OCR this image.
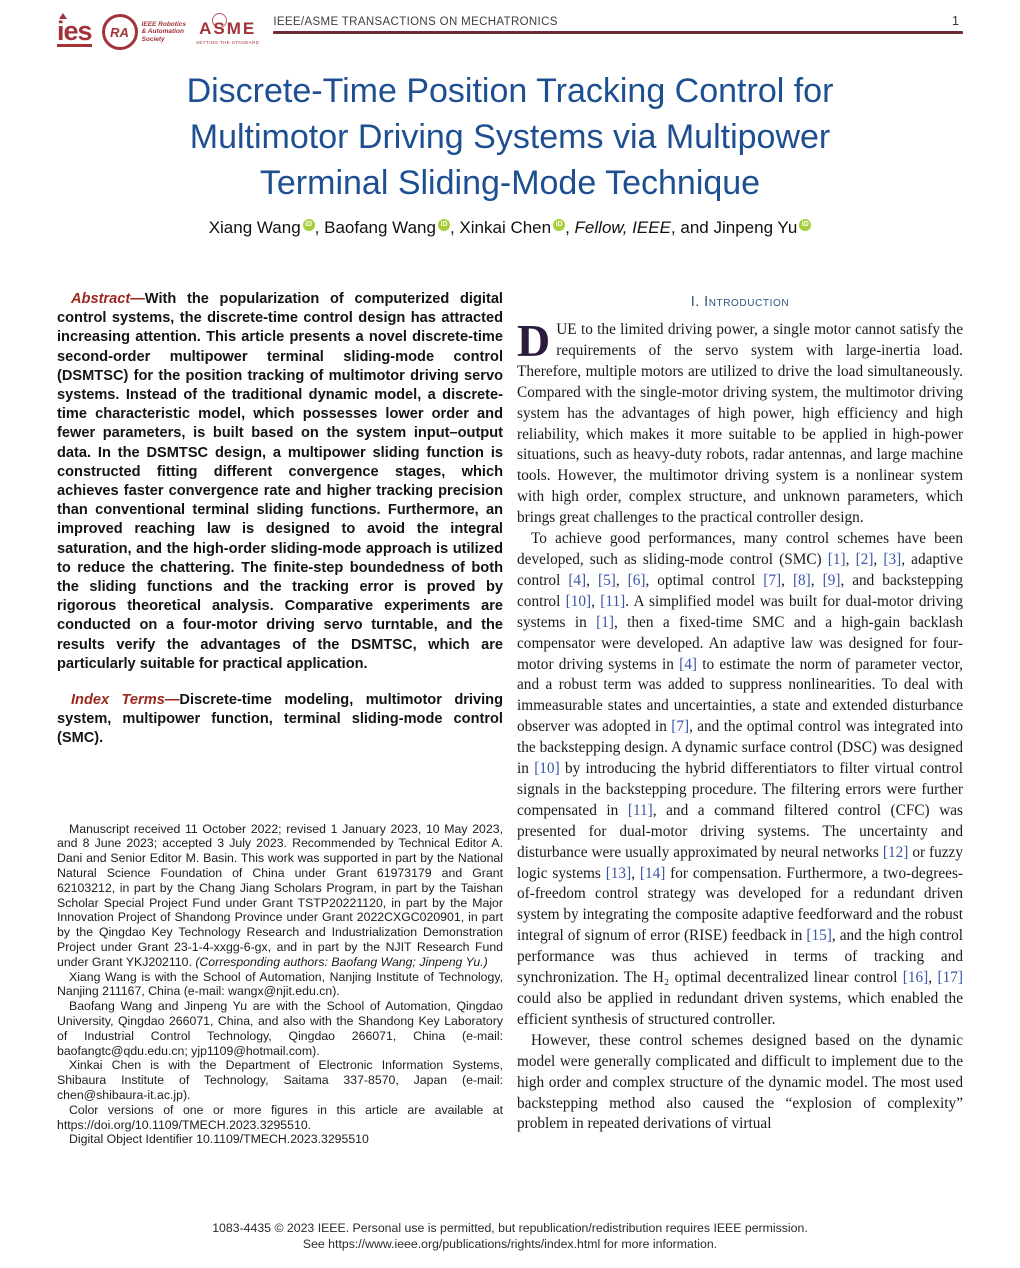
ies	RA
IEEE Robotics
& Automation
Society
ASME
SETTING THE STANDARD
IEEE/ASME TRANSACTIONS ON MECHATRONICS	1
Discrete-Time Position Tracking Control for
Multimotor Driving Systems via Multipower
Terminal Sliding-Mode Technique
Xiang Wang iD , Baofang Wang iD , Xinkai Chen iD , Fellow, IEEE, and Jinpeng Yu iD

Abstract—With the popularization of computerized digital control systems, the discrete-time control design has attracted increasing attention. This article presents a novel discrete-time second-order multipower terminal sliding-mode control (DSMTSC) for the position tracking of multimotor driving servo systems. Instead of the traditional dynamic model, a discrete-time characteristic model, which possesses lower order and fewer parameters, is built based on the system input–output data. In the DSMTSC design, a multipower sliding function is constructed fitting different convergence stages, which achieves faster convergence rate and higher tracking precision than conventional terminal sliding functions. Furthermore, an improved reaching law is designed to avoid the integral saturation, and the high-order sliding-mode approach is utilized to reduce the chattering. The finite-step boundedness of both the sliding functions and the tracking error is proved by rigorous theoretical analysis. Comparative experiments are conducted on a four-motor driving servo turntable, and the results verify the advantages of the DSMTSC, which are particularly suitable for practical application.

Index Terms—Discrete-time modeling, multimotor driving system, multipower function, terminal sliding-mode control (SMC).

Manuscript received 11 October 2022; revised 1 January 2023, 10 May 2023, and 8 June 2023; accepted 3 July 2023. Recommended by Technical Editor A. Dani and Senior Editor M. Basin. This work was supported in part by the National Natural Science Foundation of China under Grant 61973179 and Grant 62103212, in part by the Chang Jiang Scholars Program, in part by the Taishan Scholar Special Project Fund under Grant TSTP20221120, in part by the Major Innovation Project of Shandong Province under Grant 2022CXGC020901, in part by the Qingdao Key Technology Research and Industrialization Demonstration Project under Grant 23-1-4-xxgg-6-gx, and in part by the NJIT Research Fund under Grant YKJ202110. (Corresponding authors: Baofang Wang; Jinpeng Yu.)

Xiang Wang is with the School of Automation, Nanjing Institute of Technology, Nanjing 211167, China (e-mail: wangx@njit.edu.cn).

Baofang Wang and Jinpeng Yu are with the School of Automation, Qingdao University, Qingdao 266071, China, and also with the Shandong Key Laboratory of Industrial Control Technology, Qingdao 266071, China (e-mail: baofangtc@qdu.edu.cn; yjp1109@hotmail.com).

Xinkai Chen is with the Department of Electronic Information Systems, Shibaura Institute of Technology, Saitama 337-8570, Japan (e-mail: chen@shibaura-it.ac.jp).

Color versions of one or more figures in this article are available at https://doi.org/10.1109/TMECH.2023.3295510.

Digital Object Identifier 10.1109/TMECH.2023.3295510

I. Introduction

DUE to the limited driving power, a single motor cannot satisfy the requirements of the servo system with large-inertia load. Therefore, multiple motors are utilized to drive the load simultaneously. Compared with the single-motor driving system, the multimotor driving system has the advantages of high power, high efficiency and high reliability, which makes it more suitable to be applied in high-power situations, such as heavy-duty robots, radar antennas, and large machine tools. However, the multimotor driving system is a nonlinear system with high order, complex structure, and unknown parameters, which brings great challenges to the practical controller design.

To achieve good performances, many control schemes have been developed, such as sliding-mode control (SMC) [1], [2], [3], adaptive control [4], [5], [6], optimal control [7], [8], [9], and backstepping control [10], [11]. A simplified model was built for dual-motor driving systems in [1], then a fixed-time SMC and a high-gain backlash compensator were developed. An adaptive law was designed for four-motor driving systems in [4] to estimate the norm of parameter vector, and a robust term was added to suppress nonlinearities. To deal with immeasurable states and uncertainties, a state and extended disturbance observer was adopted in [7], and the optimal control was integrated into the backstepping design. A dynamic surface control (DSC) was designed in [10] by introducing the hybrid differentiators to filter virtual control signals in the backstepping procedure. The filtering errors were further compensated in [11], and a command filtered control (CFC) was presented for dual-motor driving systems. The uncertainty and disturbance were usually approximated by neural networks [12] or fuzzy logic systems [13], [14] for compensation. Furthermore, a two-degrees-of-freedom control strategy was developed for a redundant driven system by integrating the composite adaptive feedforward and the robust integral of signum of error (RISE) feedback in [15], and the high control performance was thus achieved in terms of tracking and synchronization. The H₂ optimal decentralized linear control [16], [17] could also be applied in redundant driven systems, which enabled the efficient synthesis of structured controller.

However, these control schemes designed based on the dynamic model were generally complicated and difficult to implement due to the high order and complex structure of the dynamic model. The most used backstepping method also caused the “explosion of complexity” problem in repeated derivations of virtual

1083-4435 © 2023 IEEE. Personal use is permitted, but republication/redistribution requires IEEE permission.
See https://www.ieee.org/publications/rights/index.html for more information.
